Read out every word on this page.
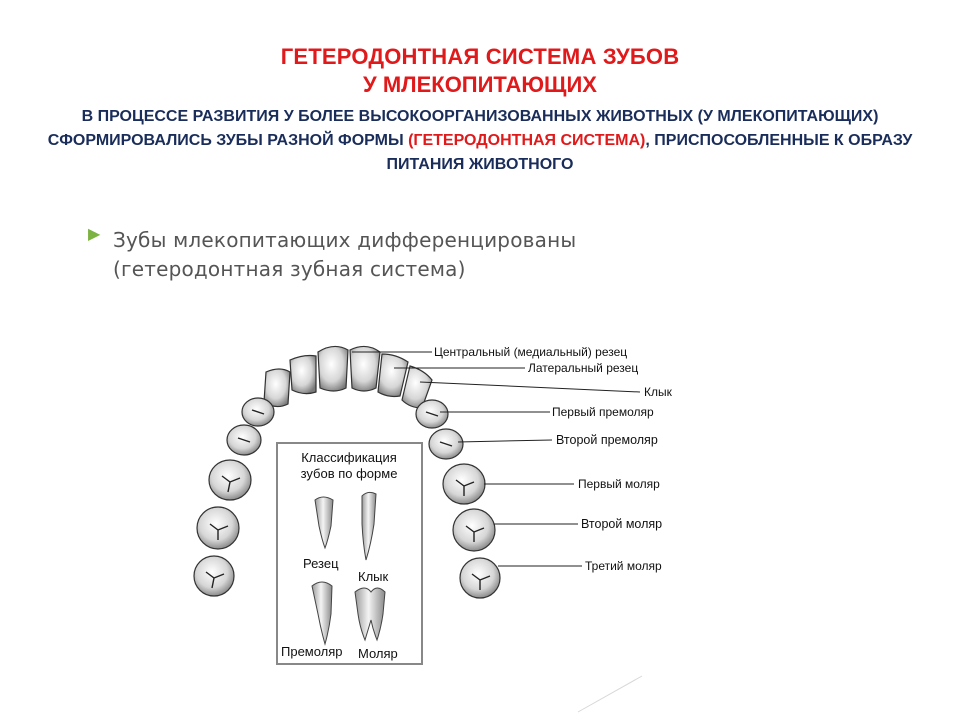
ГЕТЕРОДОНТНАЯ СИСТЕМА ЗУБОВ
У МЛЕКОПИТАЮЩИХ
В ПРОЦЕССЕ РАЗВИТИЯ У БОЛЕЕ ВЫСОКООРГАНИЗОВАННЫХ ЖИВОТНЫХ (У МЛЕКОПИТАЮЩИХ) СФОРМИРОВАЛИСЬ ЗУБЫ РАЗНОЙ ФОРМЫ (ГЕТЕРОДОНТНАЯ СИСТЕМА), ПРИСПОСОБЛЕННЫЕ К ОБРАЗУ ПИТАНИЯ ЖИВОТНОГО
▶ Зубы млекопитающих дифференцированы (гетеродонтная зубная система)
Центральный (медиальный) резец
Латеральный резец
Клык
Первый премоляр
Второй премоляр
Первый моляр
Второй моляр
Третий моляр
Классификация
зубов по форме
Резец
Клык
Премоляр Моляр
